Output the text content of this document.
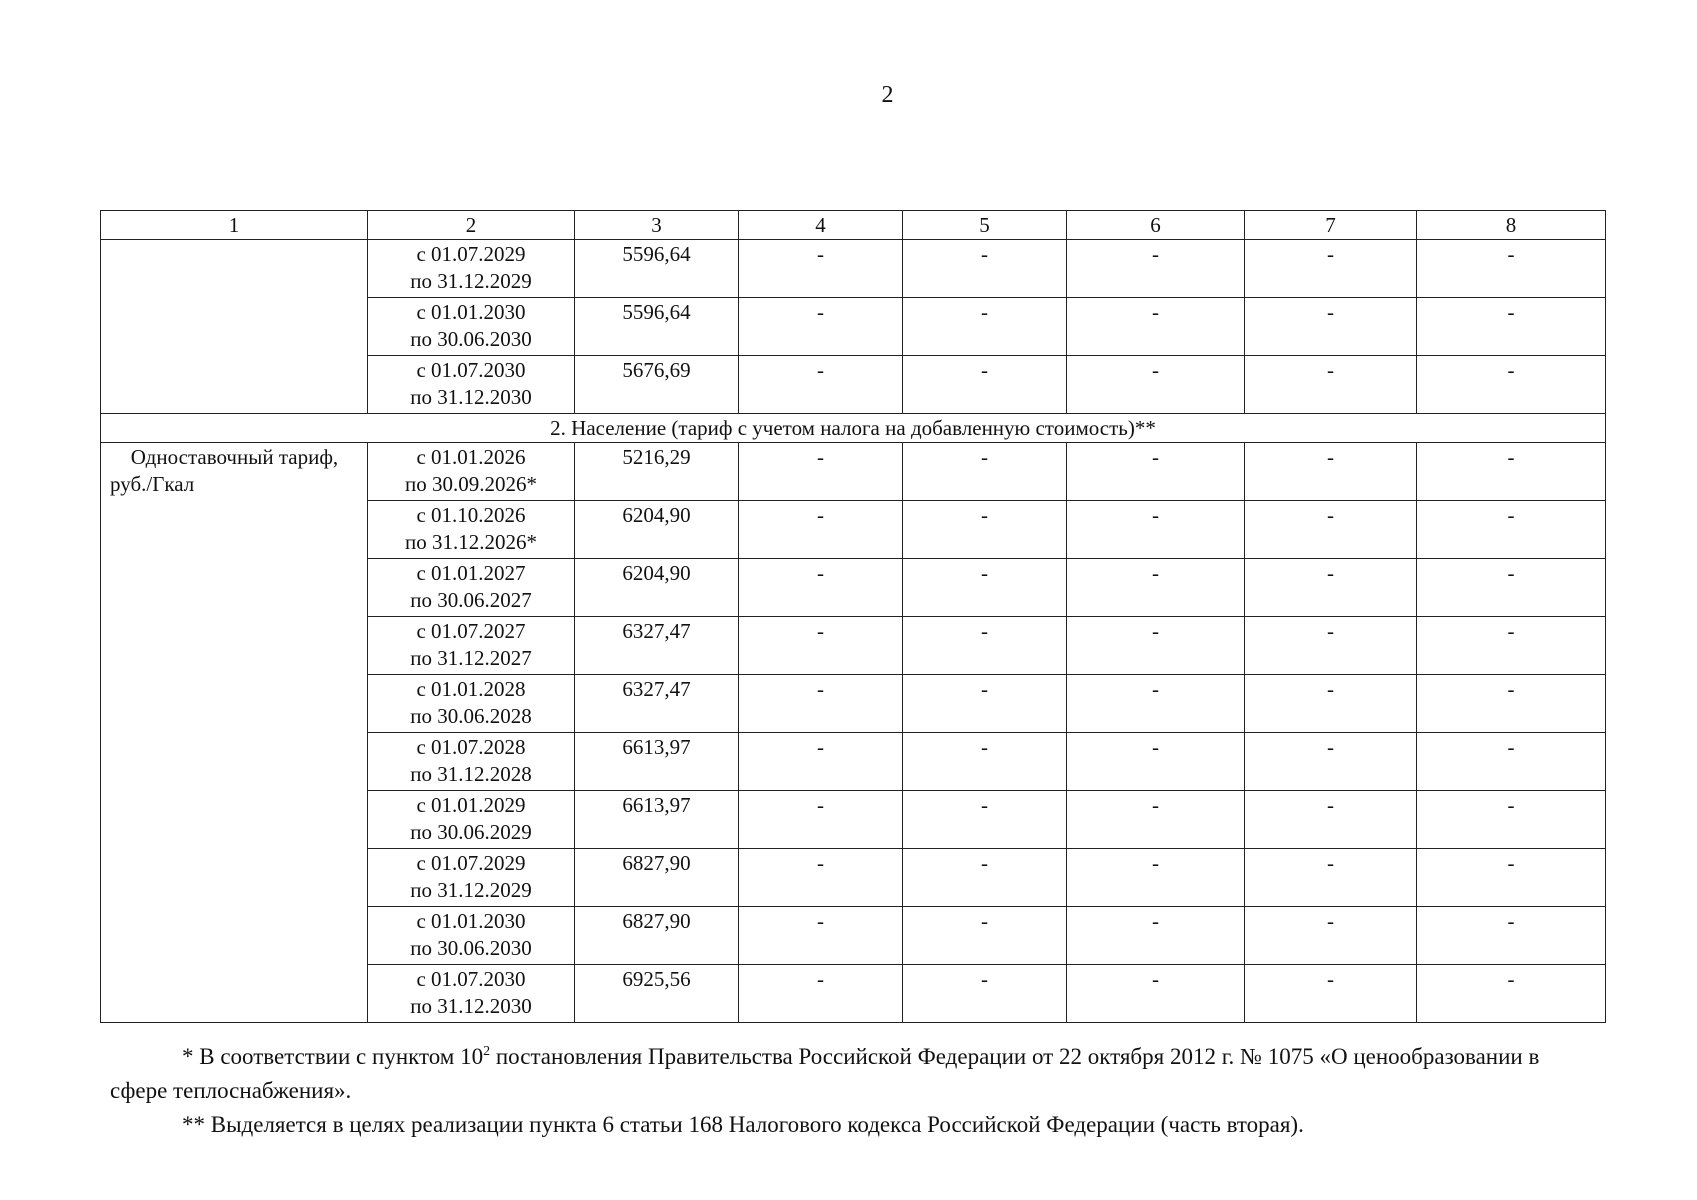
2
1	2	3	4	5	6	7	8

	с 01.07.2029
по 31.12.2029	5596,64	-	-	-	-	-

	с 01.01.2030
по 30.06.2030	5596,64	-	-	-	-	-

	с 01.07.2030
по 31.12.2030	5676,69	-	-	-	-	-
2. Население (тариф с учетом налога на добавленную стоимость)**							
Одноставочный тариф, руб./Гкал	с 01.01.2026
по 30.09.2026*	5216,29	-	-	-	-	-

	с 01.10.2026
по 31.12.2026*	6204,90	-	-	-	-	-

	с 01.01.2027
по 30.06.2027	6204,90	-	-	-	-	-

	с 01.07.2027
по 31.12.2027	6327,47	-	-	-	-	-

	с 01.01.2028
по 30.06.2028	6327,47	-	-	-	-	-

	с 01.07.2028
по 31.12.2028	6613,97	-	-	-	-	-

	с 01.01.2029
по 30.06.2029	6613,97	-	-	-	-	-

	с 01.07.2029
по 31.12.2029	6827,90	-	-	-	-	-

	с 01.01.2030
по 30.06.2030	6827,90	-	-	-	-	-

	с 01.07.2030
по 31.12.2030	6925,56	-	-	-	-	-
* В соответствии с пунктом $10^2$ постановления Правительства Российской Федерации от 22 октября 2012 г. № 1075 «О ценообразовании в сфере теплоснабжения».
** Выделяется в целях реализации пункта 6 статьи 168 Налогового кодекса Российской Федерации (часть вторая).
